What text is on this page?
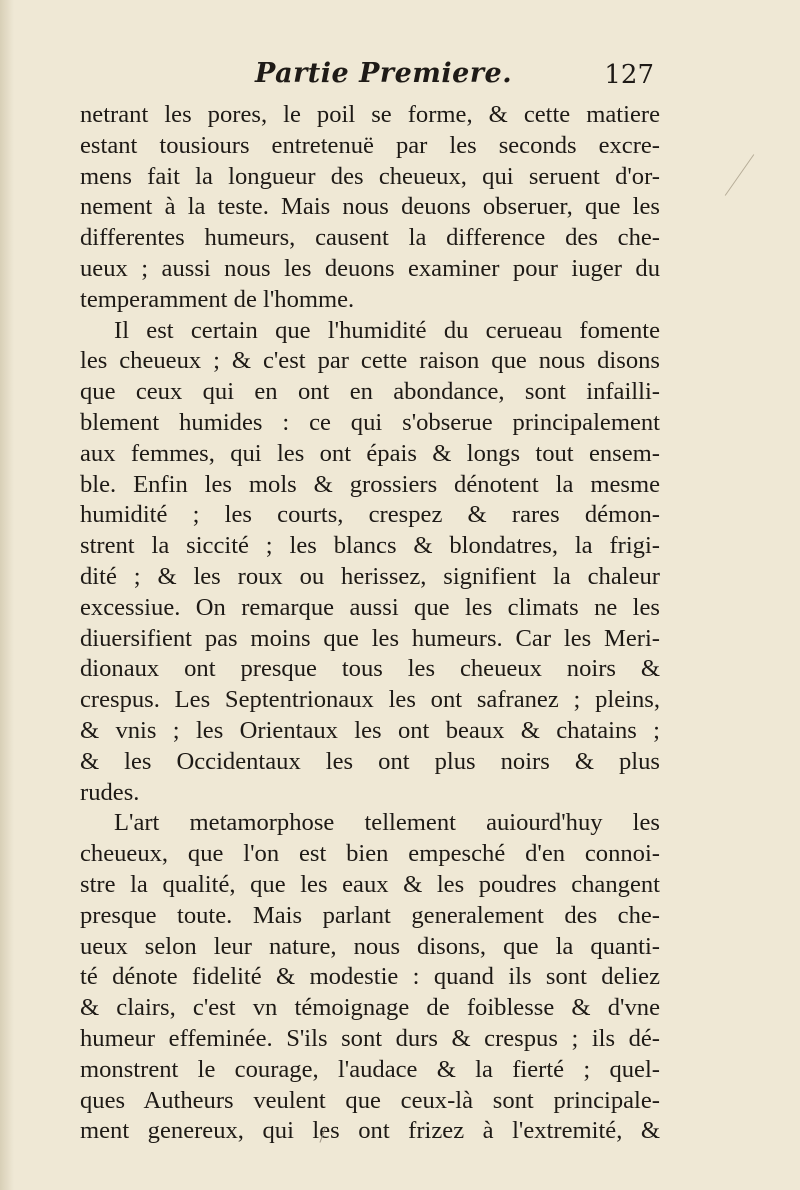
Partie Premiere.	127
netrant les pores, le poil se forme, & cette matiere
estant tousiours entretenuë par les seconds excre-
mens fait la longueur des cheueux, qui seruent d'or-
nement à la teste. Mais nous deuons obseruer, que les
differentes humeurs, causent la difference des che-
ueux ; aussi nous les deuons examiner pour iuger du
temperamment de l'homme.
Il est certain que l'humidité du cerueau fomente
les cheueux ; & c'est par cette raison que nous disons
que ceux qui en ont en abondance, sont infailli-
blement humides : ce qui s'obserue principalement
aux femmes, qui les ont épais & longs tout ensem-
ble. Enfin les mols & grossiers dénotent la mesme
humidité ; les courts, crespez & rares démon-
strent la siccité ; les blancs & blondatres, la frigi-
dité ; & les roux ou herissez, signifient la chaleur
excessiue. On remarque aussi que les climats ne les
diuersifient pas moins que les humeurs. Car les Meri-
dionaux ont presque tous les cheueux noirs &
crespus. Les Septentrionaux les ont safranez ; pleins,
& vnis ; les Orientaux les ont beaux & chatains ;
& les Occidentaux les ont plus noirs & plus
rudes.
L'art metamorphose tellement auiourd'huy les
cheueux, que l'on est bien empesché d'en connoi-
stre la qualité, que les eaux & les poudres changent
presque toute. Mais parlant generalement des che-
ueux selon leur nature, nous disons, que la quanti-
té dénote fidelité & modestie : quand ils sont deliez
& clairs, c'est vn témoignage de foiblesse & d'vne
humeur effeminée. S'ils sont durs & crespus ; ils dé-
monstrent le courage, l'audace & la fierté ; quel-
ques Autheurs veulent que ceux-là sont principale-
ment genereux, qui les ont frizez à l'extremité, &
